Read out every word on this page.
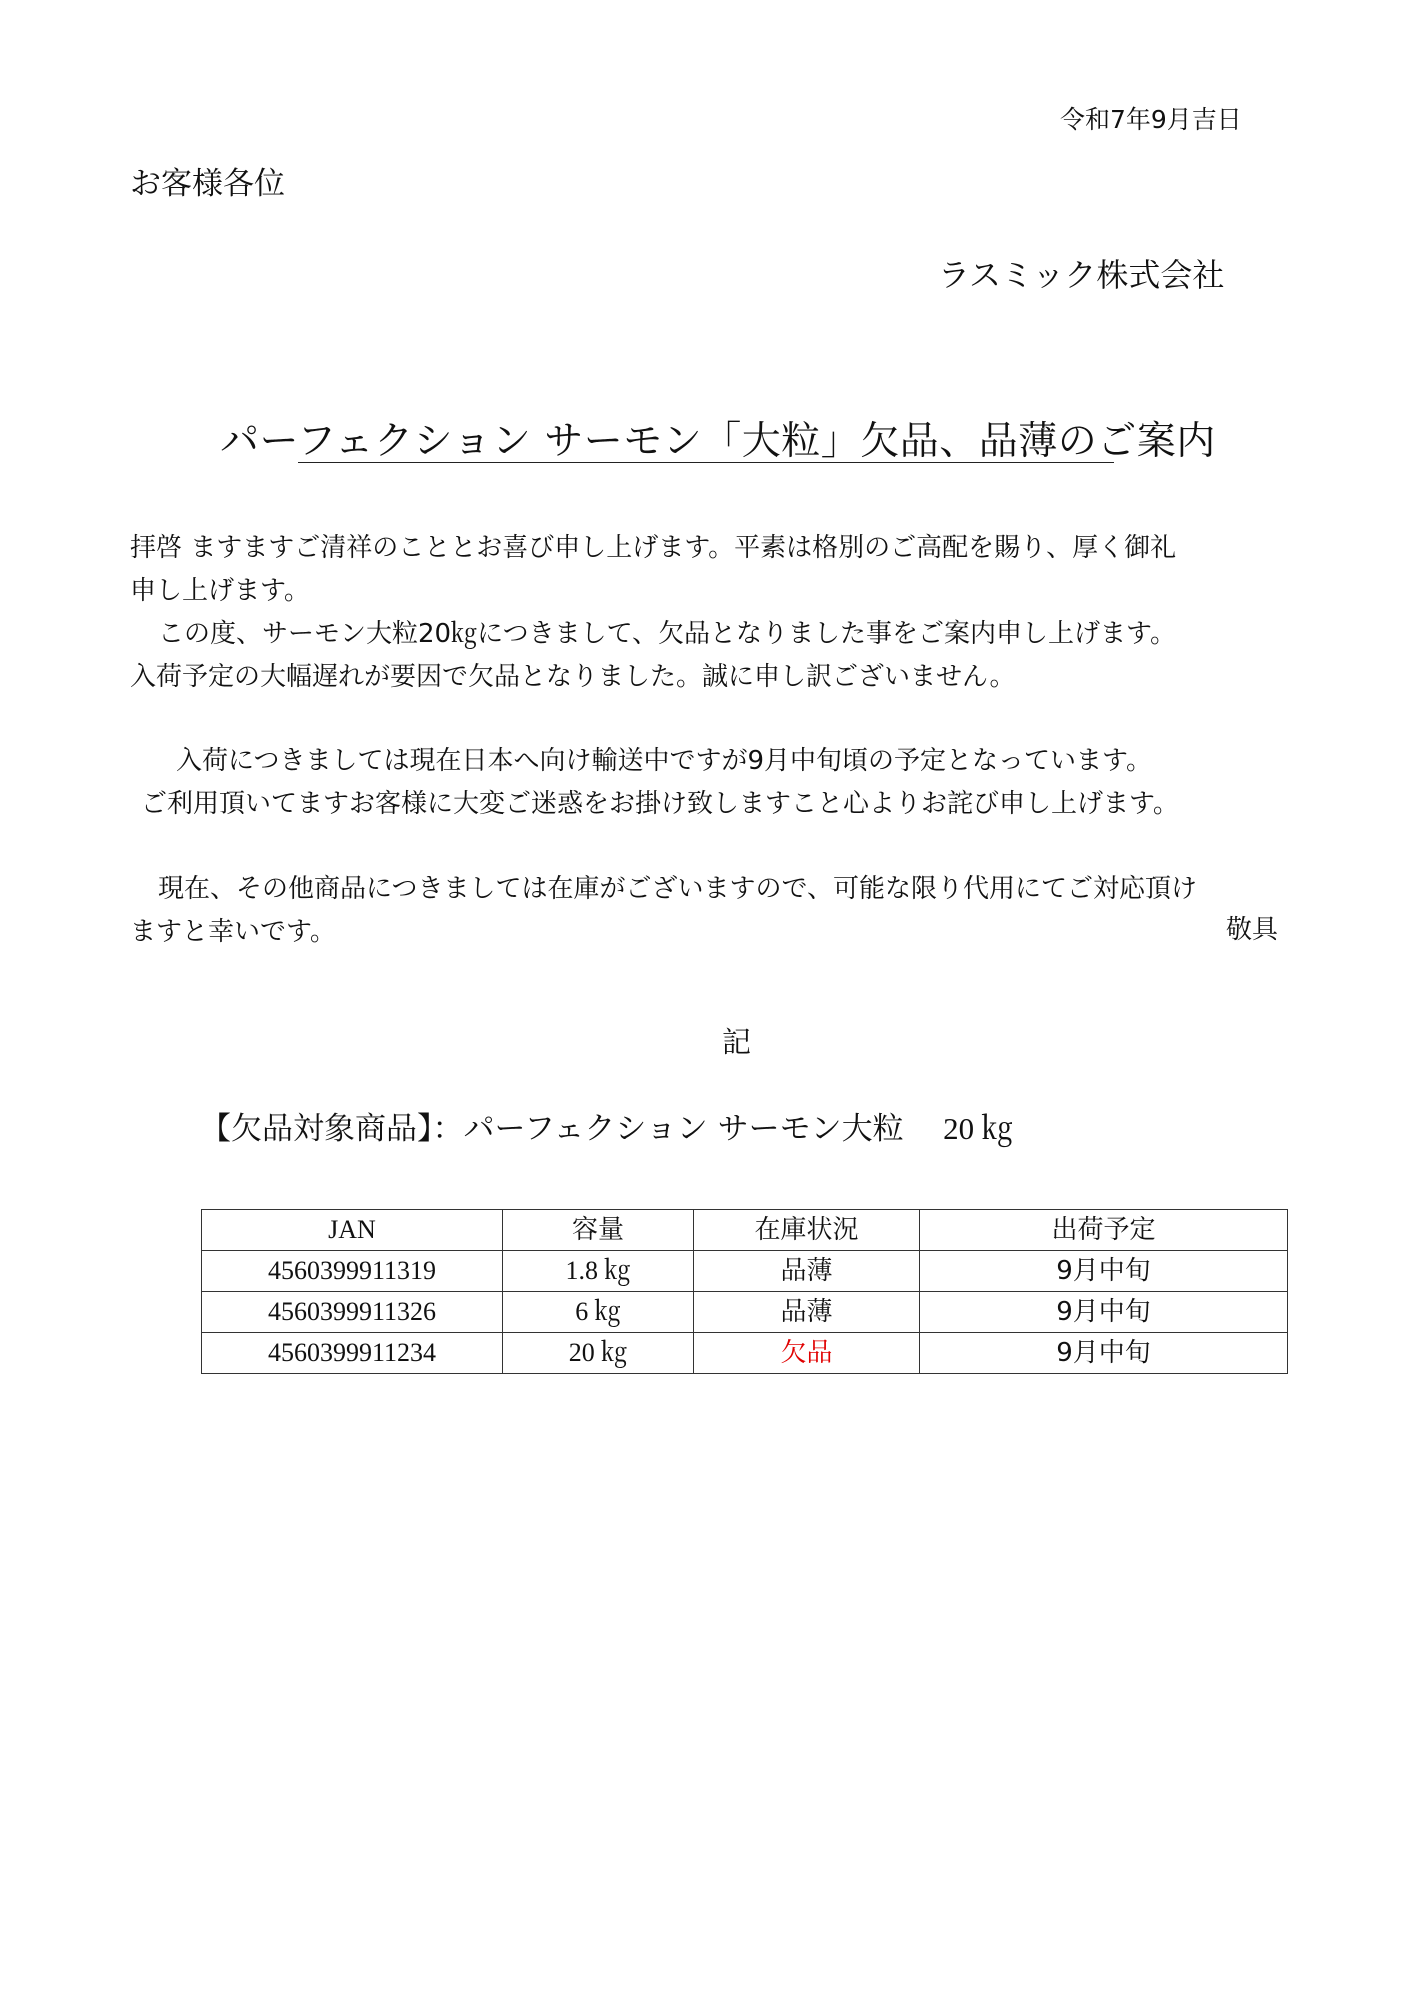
令和7年9月吉日
お客様各位
ラスミック株式会社
パーフェクション サーモン「大粒」欠品、品薄のご案内
拝啓 ますますご清祥のこととお喜び申し上げます。平素は格別のご高配を賜り、厚く御礼
申し上げます。
この度、サーモン大粒20㎏につきまして、欠品となりました事をご案内申し上げます。
入荷予定の大幅遅れが要因で欠品となりました。誠に申し訳ございません。
入荷につきましては現在日本へ向け輸送中ですが9月中旬頃の予定となっています。
ご利用頂いてますお客様に大変ご迷惑をお掛け致しますこと心よりお詫び申し上げます。
現在、その他商品につきましては在庫がございますので、可能な限り代用にてご対応頂け
ますと幸いです。	敬具
記
【欠品対象商品】：パーフェクション サーモン大粒 20 ㎏
JAN	容量	在庫状況	出荷予定
4560399911319	1.8 ㎏	品薄	9月中旬
4560399911326	6 ㎏	品薄	9月中旬
4560399911234	20 ㎏	欠品	9月中旬
